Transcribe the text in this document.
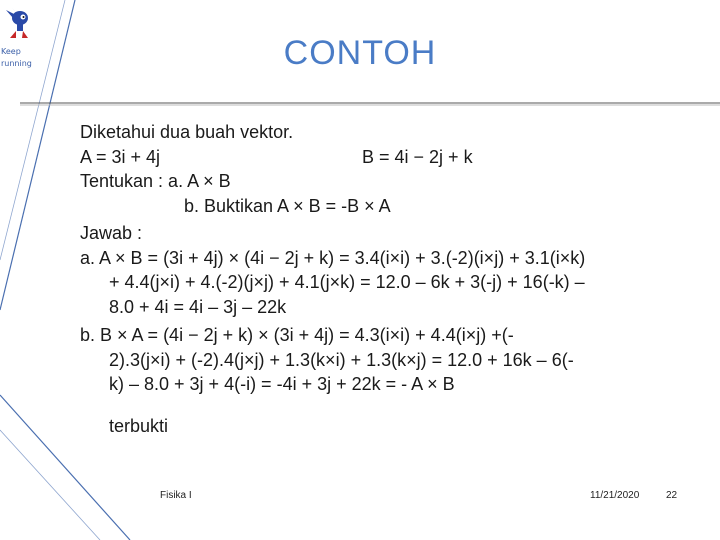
Keep
running	CONTOH
Diketahui dua buah vektor.
A = 3i + 4j	B = 4i − 2j + k
Tentukan : a. A × B
b. Buktikan A × B = -B × A
Jawab :
a. A × B = (3i + 4j) × (4i − 2j + k) = 3.4(i×i) + 3.(-2)(i×j) + 3.1(i×k)
+ 4.4(j×i) + 4.(-2)(j×j) + 4.1(j×k) = 12.0 – 6k + 3(-j) + 16(-k) –
8.0 + 4i = 4i – 3j – 22k
b. B × A = (4i − 2j + k) × (3i + 4j) = 4.3(i×i) + 4.4(i×j) +(-
2).3(j×i) + (-2).4(j×j) + 1.3(k×i) + 1.3(k×j) = 12.0 + 16k – 6(-
k) – 8.0 + 3j + 4(-i) = -4i + 3j + 22k = - A × B
terbukti
Fisika I	11/21/2020	22
